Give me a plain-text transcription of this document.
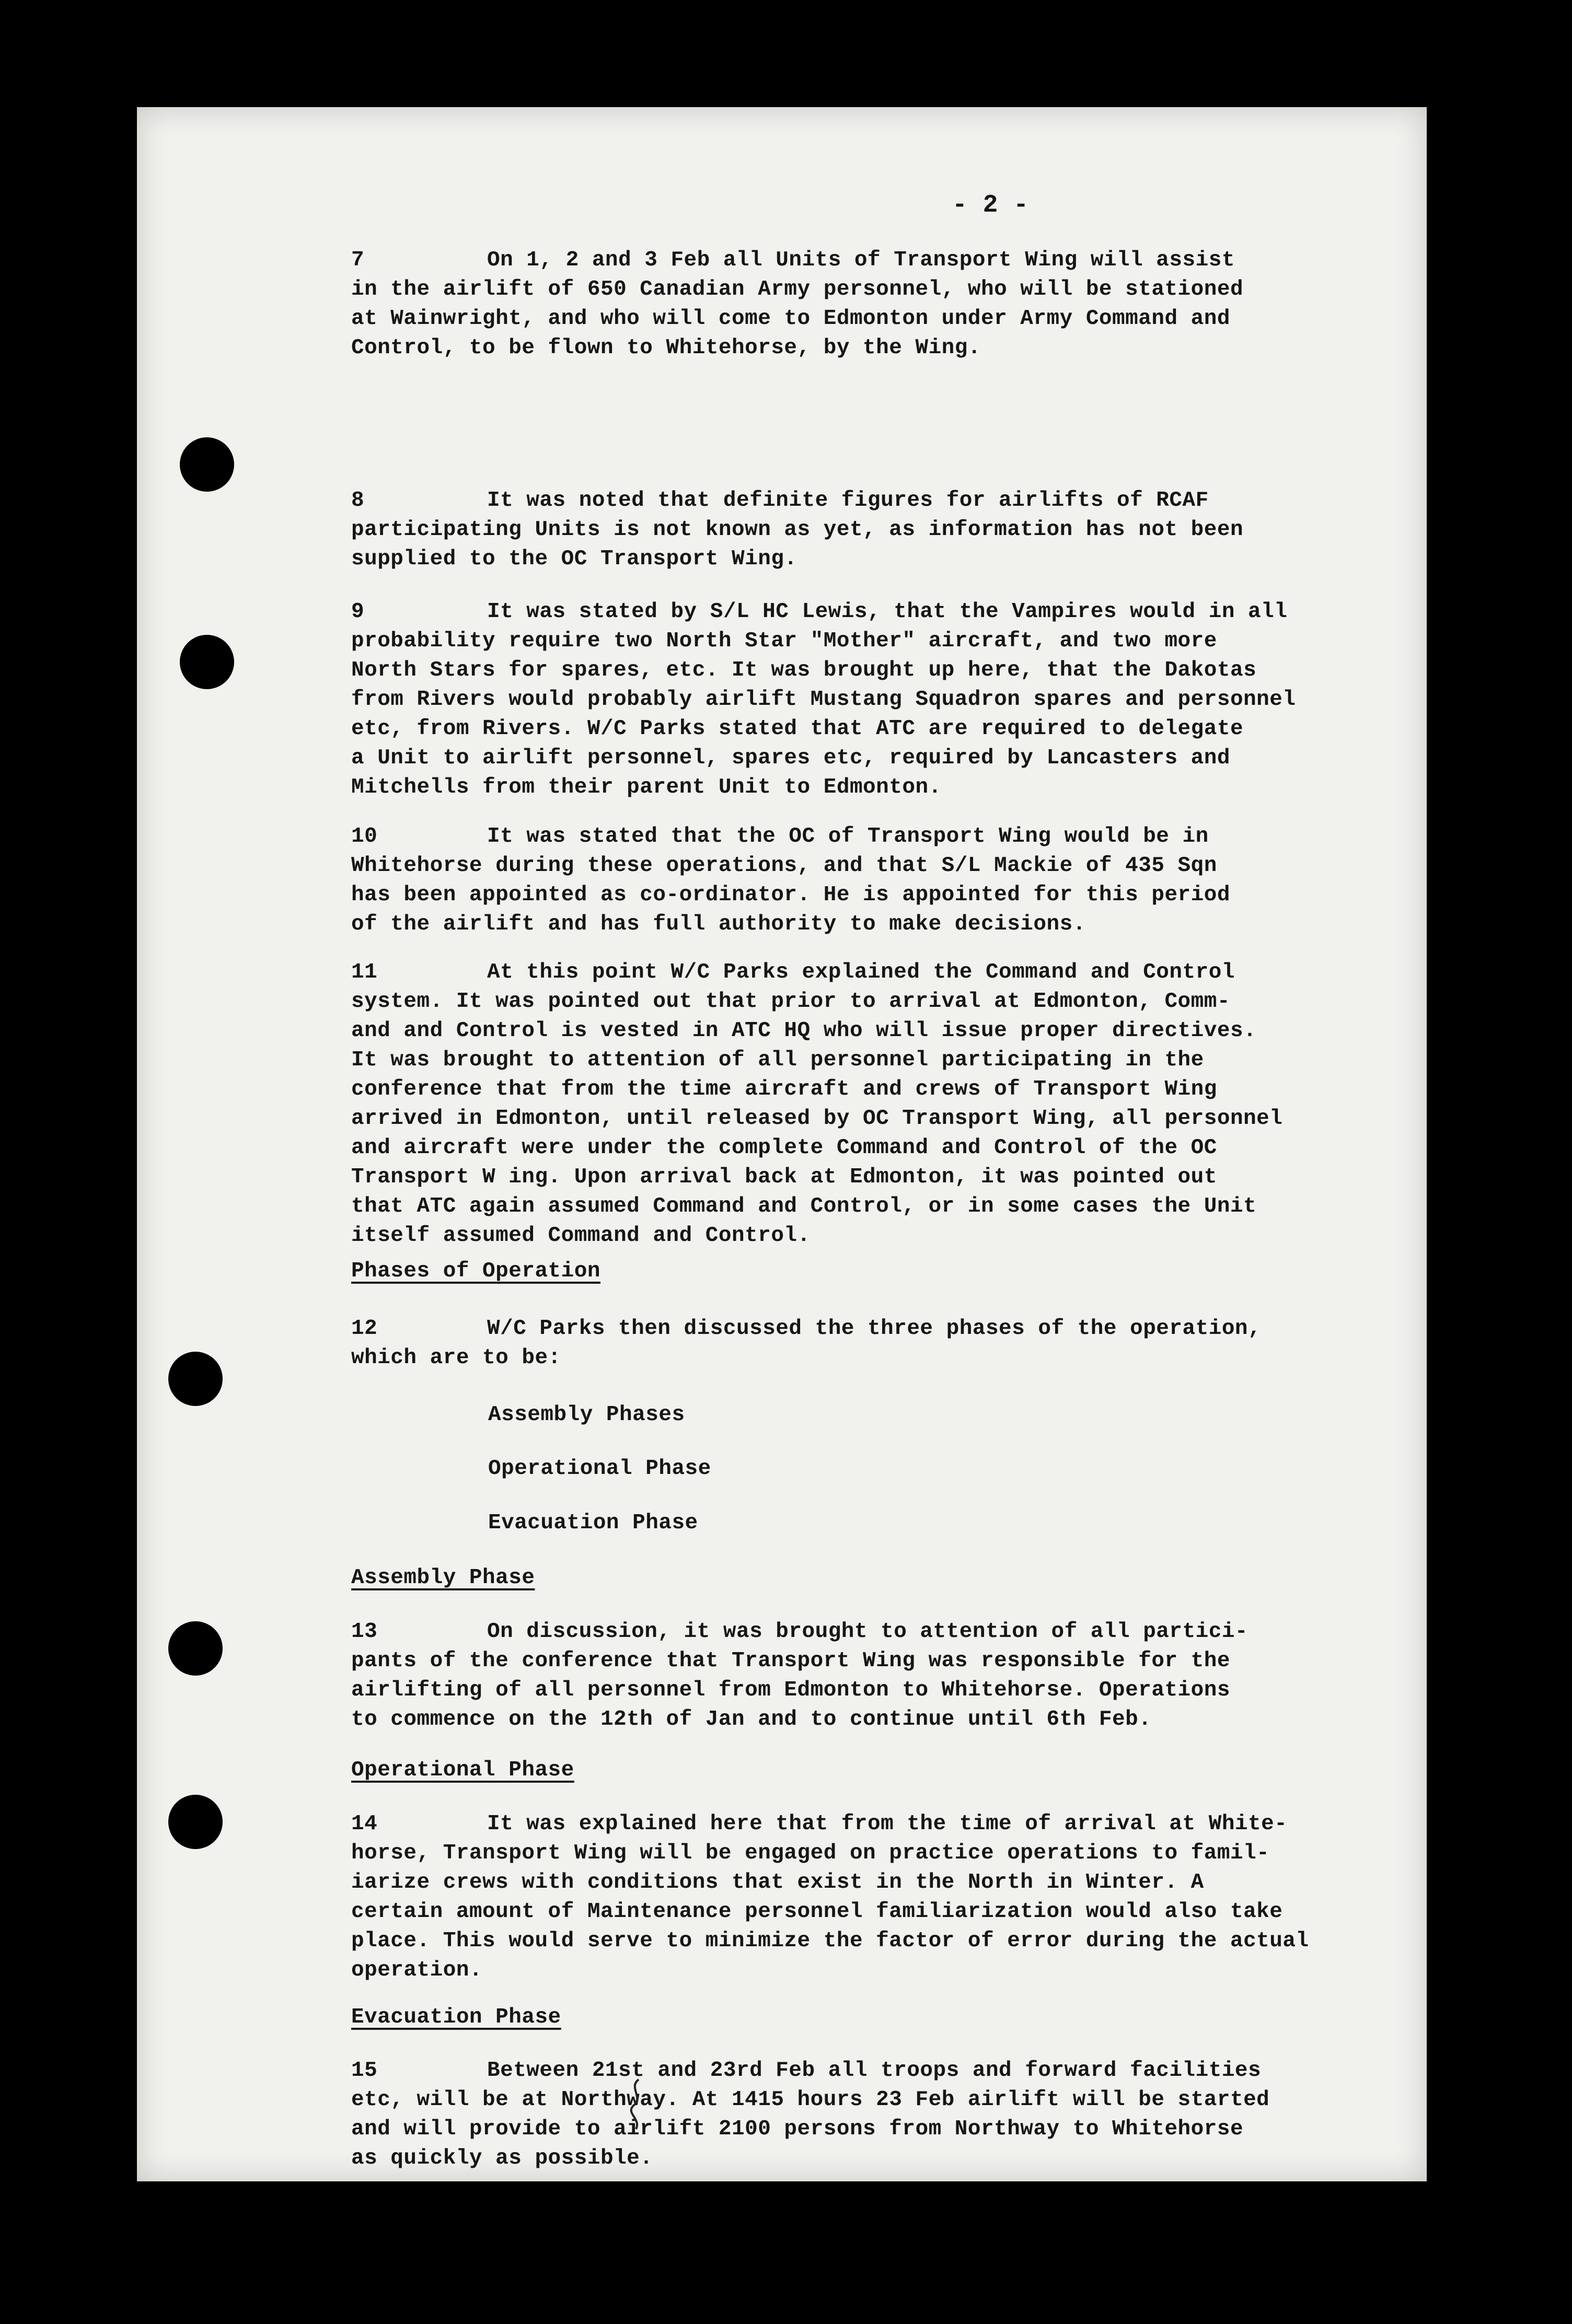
- 2 -

7	On 1, 2 and 3 Feb all Units of Transport Wing will assist
in the airlift of 650 Canadian Army personnel, who will be stationed
at Wainwright, and who will come to Edmonton under Army Command and
Control, to be flown to Whitehorse, by the Wing.

8	It was noted that definite figures for airlifts of RCAF
participating Units is not known as yet, as information has not been
supplied to the OC Transport Wing.

9	It was stated by S/L HC Lewis, that the Vampires would in all
probability require two North Star "Mother" aircraft, and two more
North Stars for spares, etc. It was brought up here, that the Dakotas
from Rivers would probably airlift Mustang Squadron spares and personnel
etc, from Rivers. W/C Parks stated that ATC are required to delegate
a Unit to airlift personnel, spares etc, required by Lancasters and
Mitchells from their parent Unit to Edmonton.

10	It was stated that the OC of Transport Wing would be in
Whitehorse during these operations, and that S/L Mackie of 435 Sqn
has been appointed as co-ordinator. He is appointed for this period
of the airlift and has full authority to make decisions.

11	At this point W/C Parks explained the Command and Control
system. It was pointed out that prior to arrival at Edmonton, Comm-
and and Control is vested in ATC HQ who will issue proper directives.
It was brought to attention of all personnel participating in the
conference that from the time aircraft and crews of Transport Wing
arrived in Edmonton, until released by OC Transport Wing, all personnel
and aircraft were under the complete Command and Control of the OC
Transport W ing. Upon arrival back at Edmonton, it was pointed out
that ATC again assumed Command and Control, or in some cases the Unit
itself assumed Command and Control.

Phases of Operation

12	W/C Parks then discussed the three phases of the operation,
which are to be:

Assembly Phases

Operational Phase

Evacuation Phase

Assembly Phase

13	On discussion, it was brought to attention of all partici-
pants of the conference that Transport Wing was responsible for the
airlifting of all personnel from Edmonton to Whitehorse. Operations
to commence on the 12th of Jan and to continue until 6th Feb.

Operational Phase

14	It was explained here that from the time of arrival at White-
horse, Transport Wing will be engaged on practice operations to famil-
iarize crews with conditions that exist in the North in Winter. A
certain amount of Maintenance personnel familiarization would also take
place. This would serve to minimize the factor of error during the actual
operation.

Evacuation Phase

15	Between 21st and 23rd Feb all troops and forward facilities
etc, will be at Northway. At 1415 hours 23 Feb airlift will be started
and will provide to airlift 2100 persons from Northway to Whitehorse
as quickly as possible.
